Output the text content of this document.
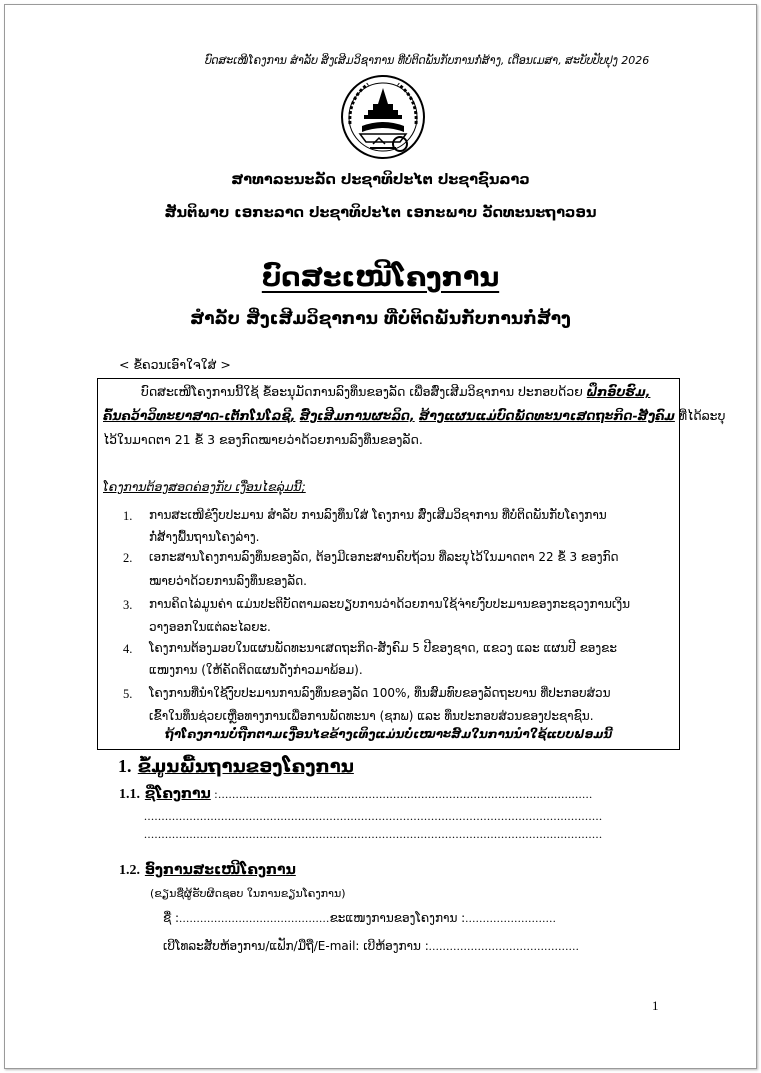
ບົດສະເໜີໂຄງການ ສຳລັບ ສິ່ງເສີມວິຊາການ ທີ່ບໍ່ຕິດພັນກັບການກໍ່ສ້າງ, ເດືອນເມສາ, ສະບັບປັບປຸງ 2026
ສາທາລະນະລັດ ປະຊາທິປະໄຕ ປະຊາຊົນລາວ
ສັນຕິພາບ ເອກະລາດ ປະຊາທິປະໄຕ ເອກະພາບ ວັດທະນະຖາວອນ
ບົດສະເໜີໂຄງການ
ສຳລັບ ສິ່ງເສີມວິຊາການ ທີ່ບໍ່ຕິດພັນກັບການກໍ່ສ້າງ
< ຂໍ້ຄວນເອົາໃຈໃສ່ >
ບົດສະເໜີໂຄງການນີ້ໃຊ້ ຂໍ້ອະນຸມັດການລົງທຶນຂອງລັດ ເພື່ອສົ່ງເສີມວິຊາການ ປະກອບດ້ວຍ ຝຶກອົບຮົມ,
ຄົ້ນຄວ້າວິທະຍາສາດ-ເຕັກໂນໂລຊີ, ສົ່ງເສີມການຜະລິດ, ສ້າງແຜນແມ່ບົດພັດທະນາເສດຖະກິດ-ສັງຄົມ ທີ່ໄດ້ລະບຸ
ໄວ້ໃນມາດຕາ 21 ຂໍ້ 3 ຂອງກົດໝາຍວ່າດ້ວຍການລົງທຶນຂອງລັດ.
ໂຄງການຕ້ອງສອດຄ່ອງກັບ ເງື່ອນໄຂລຸ່ມນີ້;
1. ການສະເໜີຂໍງົບປະມານ ສຳລັບ ການລົງທຶນໃສ່ ໂຄງການ ສົ່ງເສີມວິຊາການ ທີ່ບໍ່ຕິດພັນກັບໂຄງການ
ກໍ່ສ້າງພື້ນຖານໂຄງລ່າງ.
2. ເອກະສານໂຄງການລົງທຶນຂອງລັດ, ຕ້ອງມີເອກະສານຄົບຖ້ວນ ທີ່ລະບຸໄວ້ໃນມາດຕາ 22 ຂໍ້ 3 ຂອງກົດ
ໝາຍວ່າດ້ວຍການລົງທຶນຂອງລັດ.
3. ການຄິດໄລ່ມູນຄ່າ ແມ່ນປະຕິບັດຕາມລະບຽບການວ່າດ້ວຍການໃຊ້ຈ່າຍງົບປະມານຂອງກະຊວງການເງິນ
ວາງອອກໃນແຕ່ລະໄລຍະ.
4. ໂຄງການຕ້ອງມອບໃນແຜນພັດທະນາເສດຖະກິດ-ສັງຄົມ 5 ປີຂອງຊາດ, ແຂວງ ແລະ ແຜນປີ ຂອງຂະ
ແໜງການ (ໃຫ້ຄັດຕິດແຜນດັ່ງກ່າວມາພ້ອມ).
5. ໂຄງການທີ່ນຳໃຊ້ງົບປະມານການລົງທຶນຂອງລັດ 100%, ທຶນສົມທົບຂອງລັດຖະບານ ທີ່ປະກອບສ່ວນ
ເຂົ້າໃນທຶນຊ່ວຍເຫຼືອທາງການເພື່ອການພັດທະນາ (ຊກພ) ແລະ ທຶນປະກອບສ່ວນຂອງປະຊາຊົນ.
ຖ້າໂຄງການບໍ່ຖືກຕາມເງື່ອນໄຂຂ້າງເທິງແມ່ນບໍ່ເໝາະສົມໃນການນຳໃຊ້ແບບຟອມນີ້
1. ຂໍ້ມູນພື້ນຖານຂອງໂຄງການ
1.1. ຊື່ໂຄງການ :...........................................................................................................
...................................................................................................................................
...................................................................................................................................
1.2. ອົງການສະເໜີໂຄງການ
(ຂຽນຊື່ຜູ້ຮັບຜິດຊອບ ໃນການຂຽນໂຄງການ)
ຊື່ :...........................................ຂະແໜງການຂອງໂຄງການ :..........................
ເບີໂທລະສັບຫ້ອງການ/ແຟັກ/ມືຖື/E-mail: ເບີຫ້ອງການ :...........................................
1
